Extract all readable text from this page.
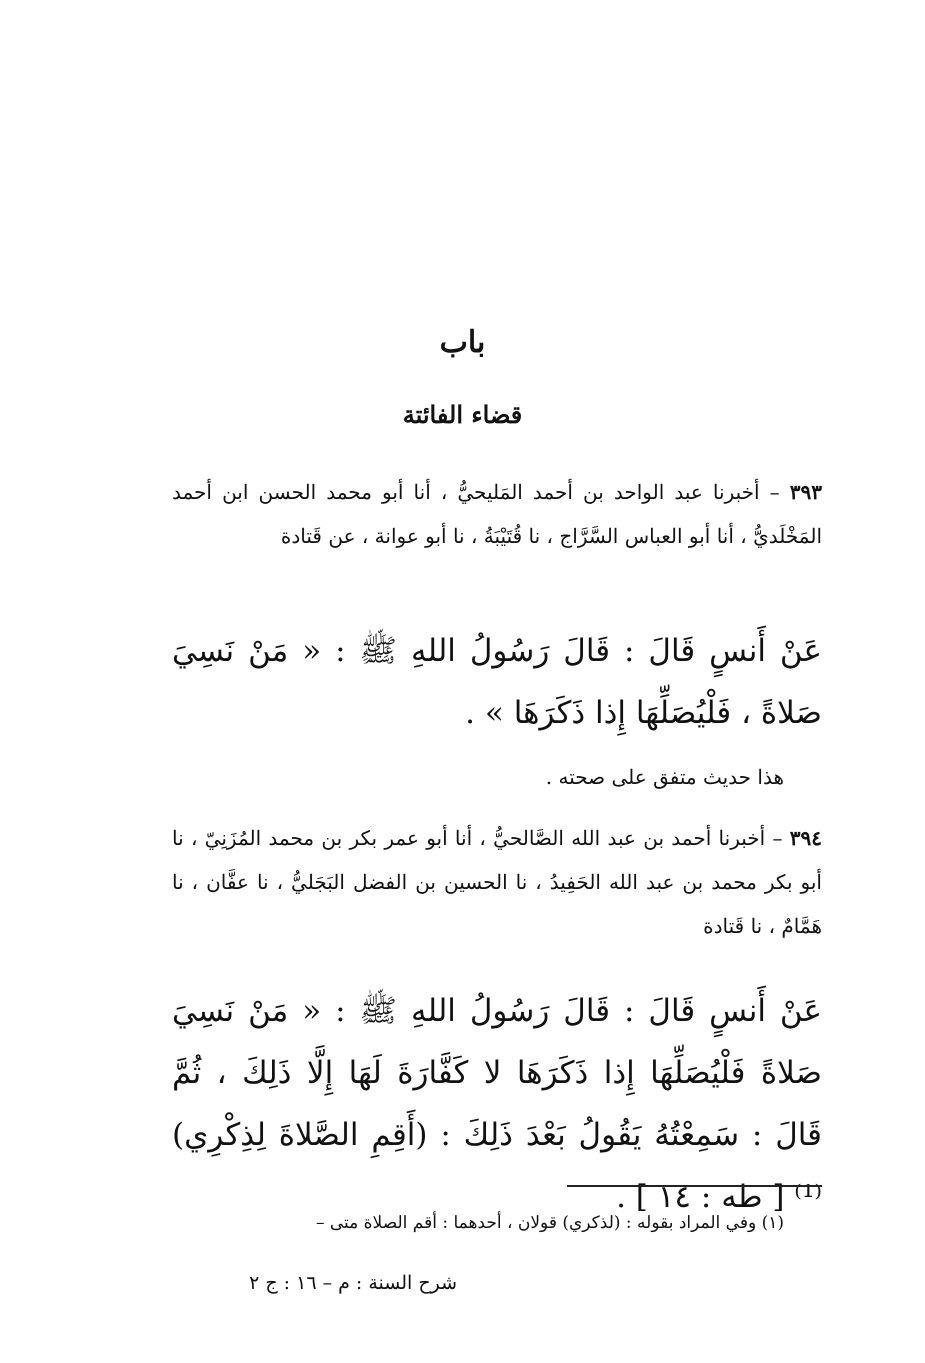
باب
قضاء الفائتة
٣٩٣ – أخبرنا عبد الواحد بن أحمد المَليحيُّ ، أنا أبو محمد الحسن ابن أحمد المَخْلَديُّ ، أنا أبو العباس السَّرَّاج ، نا قُتَيْبَةُ ، نا أبو عوانة ، عن قَتادة
عَنْ أَنسٍ قَالَ : قَالَ رَسُولُ اللهِ ﷺ : « مَنْ نَسِيَ صَلاةً ، فَلْيُصَلِّهَا إِذا ذَكَرَهَا » .
هذا حديث متفق على صحته .
٣٩٤ – أخبرنا أحمد بن عبد الله الصَّالحيُّ ، أنا أبو عمر بكر بن محمد المُزَنِيّ ، نا أبو بكر محمد بن عبد الله الحَفِيدُ ، نا الحسين بن الفضل البَجَليُّ ، نا عفَّان ، نا هَمَّامٌ ، نا قَتادة
عَنْ أَنسٍ قَالَ : قَالَ رَسُولُ اللهِ ﷺ : « مَنْ نَسِيَ صَلاةً فَلْيُصَلِّهَا إِذا ذَكَرَهَا لا كَفَّارَةَ لَهَا إِلَّا ذَلِكَ ، ثُمَّ قَالَ : سَمِعْتُهُ يَقُولُ بَعْدَ ذَلِكَ : (أَقِمِ الصَّلاةَ لِذِكْرِي) ⁽¹⁾ [ طه : ١٤ ] .
(١) وفي المراد بقوله : (لذكري) قولان ، أحدهما : أقم الصلاة متى –
شرح السنة : م – ١٦ : ج ٢
